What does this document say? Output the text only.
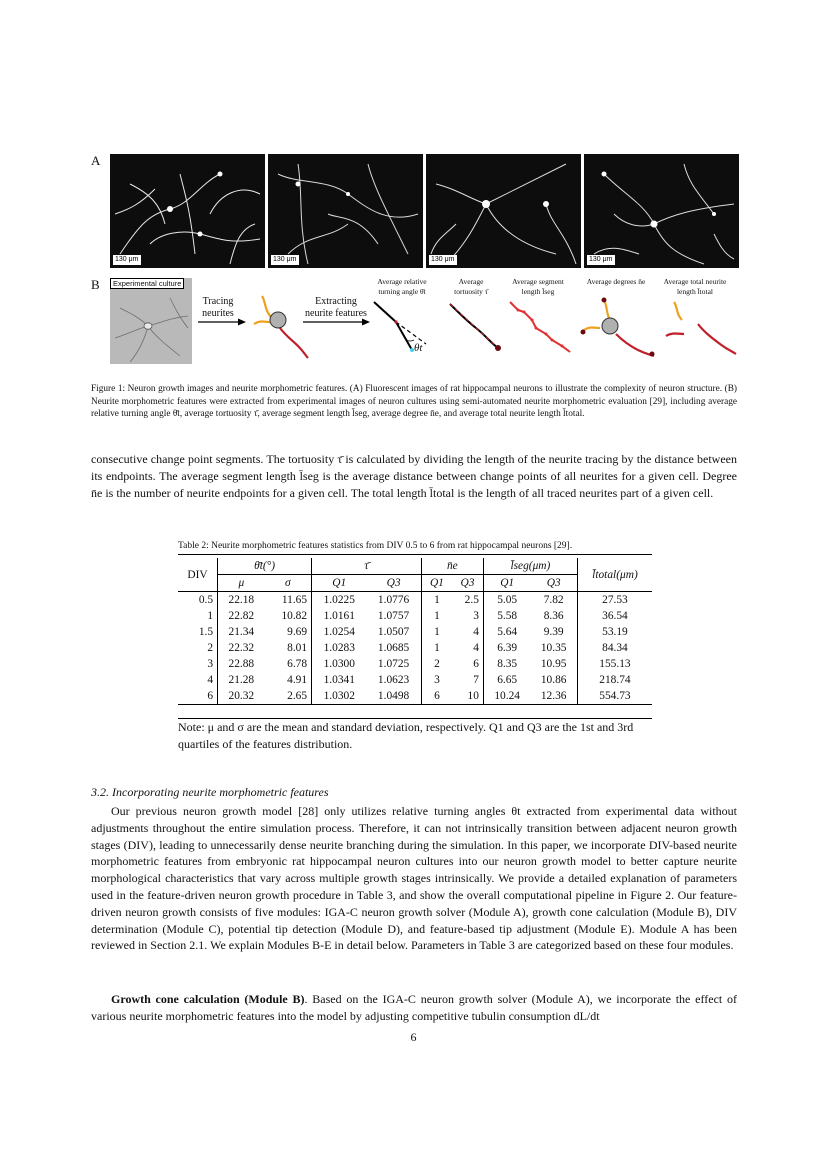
A
130 μm	130 μm	130 μm	130 μm
B	Experimental culture
Tracing neurites
Extracting neurite features
Average relative turning angle θ̄t
Average tortuosity τ̄
Average segment length l̄seg
Average degrees n̄e	Average total neurite length l̄total
θt
Figure 1: Neuron growth images and neurite morphometric features. (A) Fluorescent images of rat hippocampal neurons to illustrate the complexity of neuron structure. (B) Neurite morphometric features were extracted from experimental images of neuron cultures using semi-automated neurite morphometric evaluation [29], including average relative turning angle θ̄t, average tortuosity τ̄, average segment length l̄seg, average degree n̄e, and average total neurite length l̄total.
consecutive change point segments. The tortuosity τ̄ is calculated by dividing the length of the neurite tracing by the distance between its endpoints. The average segment length l̄seg is the average distance between change points of all neurites for a given cell. Degree n̄e is the number of neurite endpoints for a given cell. The total length l̄total is the length of all traced neurites part of a given cell.
Table 2: Neurite morphometric features statistics from DIV 0.5 to 6 from rat hippocampal neurons [29].
DIV	θ̄t(°)		τ̄		n̄e		l̄seg(μm)		l̄total(μm)
	μ	σ	Q1	Q3	Q1	Q3	Q1	Q3	
0.5	22.18	11.65	1.0225	1.0776	1	2.5	5.05	7.82	27.53
1	22.82	10.82	1.0161	1.0757	1	3	5.58	8.36	36.54
1.5	21.34	9.69	1.0254	1.0507	1	4	5.64	9.39	53.19
2	22.32	8.01	1.0283	1.0685	1	4	6.39	10.35	84.34
3	22.88	6.78	1.0300	1.0725	2	6	8.35	10.95	155.13
4	21.28	4.91	1.0341	1.0623	3	7	6.65	10.86	218.74
6	20.32	2.65	1.0302	1.0498	6	10	10.24	12.36	554.73
Note: μ and σ are the mean and standard deviation, respectively. Q1 and Q3 are the 1st and 3rd quartiles of the features distribution.
3.2. Incorporating neurite morphometric features
Our previous neuron growth model [28] only utilizes relative turning angles θt extracted from experimental data without adjustments throughout the entire simulation process. Therefore, it can not intrinsically transition between adjacent neuron growth stages (DIV), leading to unnecessarily dense neurite branching during the simulation. In this paper, we incorporate DIV-based neurite morphometric features from embryonic rat hippocampal neuron cultures into our neuron growth model to better capture neurite morphological characteristics that vary across multiple growth stages intrinsically. We provide a detailed explanation of parameters used in the feature-driven neuron growth procedure in Table 3, and show the overall computational pipeline in Figure 2. Our feature-driven neuron growth consists of five modules: IGA-C neuron growth solver (Module A), growth cone calculation (Module B), DIV determination (Module C), potential tip detection (Module D), and feature-based tip adjustment (Module E). Module A has been reviewed in Section 2.1. We explain Modules B-E in detail below. Parameters in Table 3 are categorized based on these four modules.
Growth cone calculation (Module B). Based on the IGA-C neuron growth solver (Module A), we incorporate the effect of various neurite morphometric features into the model by adjusting competitive tubulin consumption dL/dt
6
